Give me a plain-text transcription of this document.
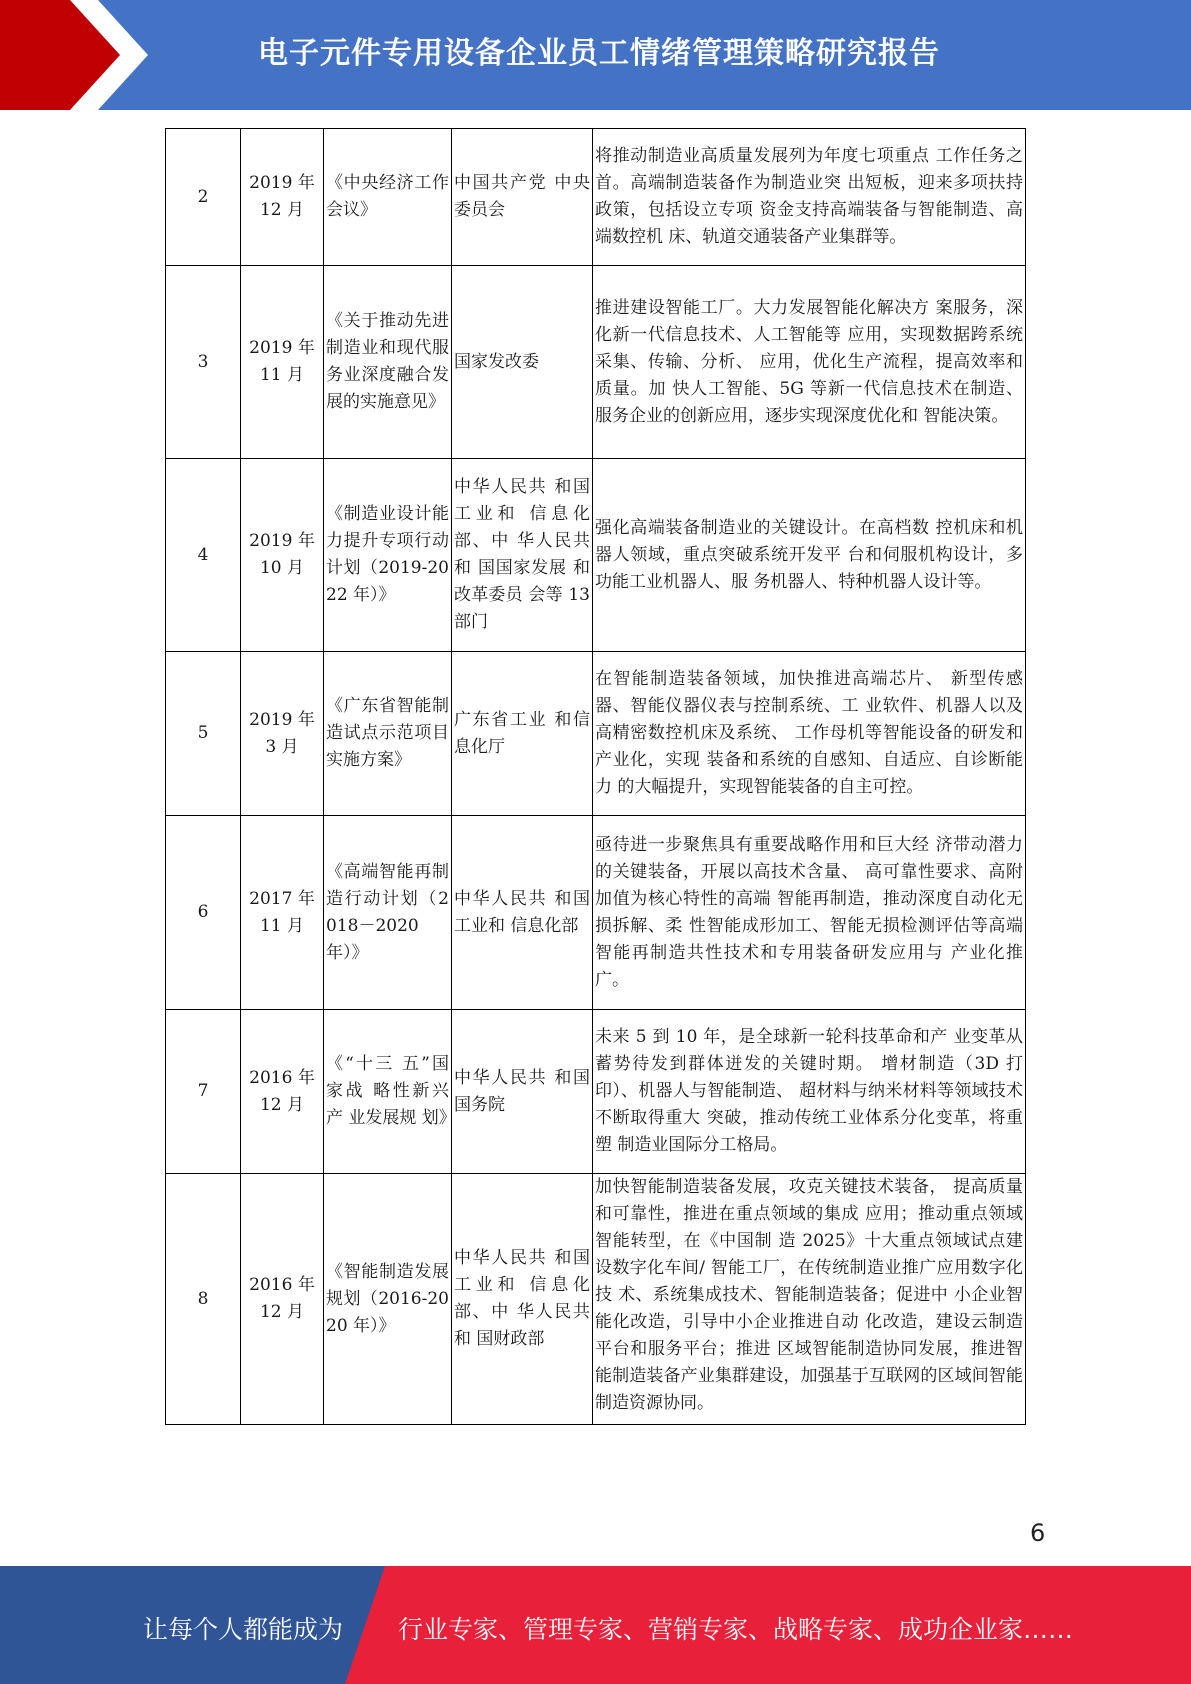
电子元件专用设备企业员工情绪管理策略研究报告
2	2019 年 12 月	《中央经济工作会议》	中国共产党 中央委员会	将推动制造业高质量发展列为年度七项重点 工作任务之首。高端制造装备作为制造业突 出短板，迎来多项扶持政策，包括设立专项 资金支持高端装备与智能制造、高端数控机 床、轨道交通装备产业集群等。
3	2019 年 11 月	《关于推动先进制造业和现代服务业深度融合发展的实施意见》	国家发改委	推进建设智能工厂。大力发展智能化解决方 案服务，深化新一代信息技术、人工智能等 应用，实现数据跨系统采集、传输、分析、 应用，优化生产流程，提高效率和质量。加 快人工智能、5G 等新一代信息技术在制造、 服务企业的创新应用，逐步实现深度优化和 智能决策。
4	2019 年 10 月	《制造业设计能力提升专项行动计划（2019-2022 年）》	中华人民共 和国工业和 信息化部、中 华人民共和 国国家发展 和改革委员 会等 13 部门	强化高端装备制造业的关键设计。在高档数 控机床和机器人领域，重点突破系统开发平 台和伺服机构设计，多功能工业机器人、服 务机器人、特种机器人设计等。
5	2019 年 3 月	《广东省智能制造试点示范项目实施方案》	广东省工业 和信息化厅	在智能制造装备领域，加快推进高端芯片、 新型传感器、智能仪器仪表与控制系统、工 业软件、机器人以及高精密数控机床及系统、 工作母机等智能设备的研发和产业化，实现 装备和系统的自感知、自适应、自诊断能力 的大幅提升，实现智能装备的自主可控。
6	2017 年 11 月	《高端智能再制造行动计划（2018－2020 年）》	中华人民共 和国工业和 信息化部	亟待进一步聚焦具有重要战略作用和巨大经 济带动潜力的关键装备，开展以高技术含量、 高可靠性要求、高附加值为核心特性的高端 智能再制造，推动深度自动化无损拆解、柔 性智能成形加工、智能无损检测评估等高端 智能再制造共性技术和专用装备研发应用与 产业化推广。
7	2016 年 12 月	《“十三 五”国家战 略性新兴产 业发展规 划》	中华人民共 和国国务院	未来 5 到 10 年，是全球新一轮科技革命和产 业变革从蓄势待发到群体迸发的关键时期。 增材制造（3D 打印）、机器人与智能制造、 超材料与纳米材料等领域技术不断取得重大 突破，推动传统工业体系分化变革，将重塑 制造业国际分工格局。
8	2016 年 12 月	《智能制造发展规划（2016-2020 年）》	中华人民共 和国工业和 信息化部、中 华人民共和 国财政部	加快智能制造装备发展，攻克关键技术装备， 提高质量和可靠性，推进在重点领域的集成 应用；推动重点领域智能转型，在《中国制 造 2025》十大重点领域试点建设数字化车间/ 智能工厂，在传统制造业推广应用数字化技 术、系统集成技术、智能制造装备；促进中 小企业智能化改造，引导中小企业推进自动 化改造，建设云制造平台和服务平台；推进 区域智能制造协同发展，推进智能制造装备产业集群建设，加强基于互联网的区域间智能制造资源协同。
6
让每个人都能成为 行业专家、管理专家、营销专家、战略专家、成功企业家……
